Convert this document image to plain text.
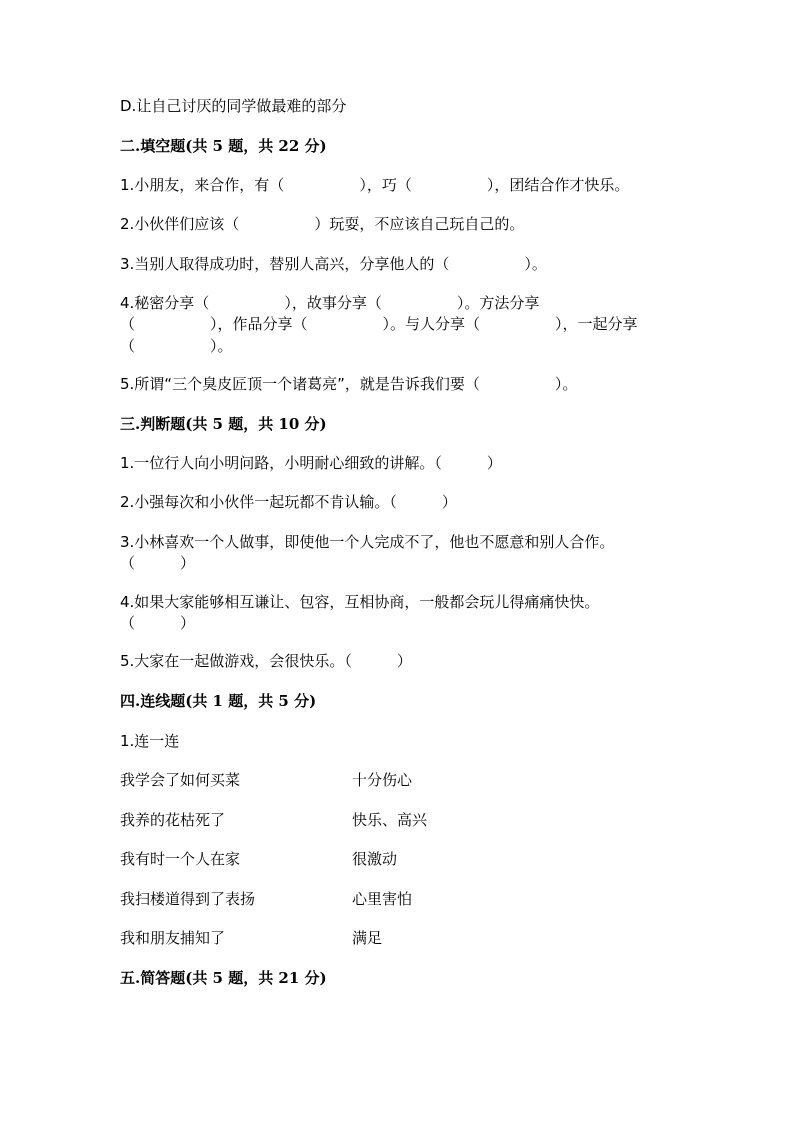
D.让自己讨厌的同学做最难的部分

二.填空题(共 5 题，共 22 分)

1.小朋友，来合作，有（　　　　　），巧（　　　　　），团结合作才快乐。

2.小伙伴们应该（　　　　　）玩耍，不应该自己玩自己的。

3.当别人取得成功时，替别人高兴，分享他人的（　　　　　）。

4.秘密分享（　　　　　），故事分享（　　　　　）。方法分享

（　　　　　），作品分享（　　　　　）。与人分享（　　　　　），一起分享

（　　　　　）。

5.所谓“三个臭皮匠顶一个诸葛亮”，就是告诉我们要（　　　　　）。

三.判断题(共 5 题，共 10 分)

1.一位行人向小明问路，小明耐心细致的讲解。（　　　）

2.小强每次和小伙伴一起玩都不肯认输。（　　　）

3.小林喜欢一个人做事，即使他一个人完成不了，他也不愿意和别人合作。

（　　　）

4.如果大家能够相互谦让、包容，互相协商，一般都会玩儿得痛痛快快。

（　　　）

5.大家在一起做游戏，会很快乐。（　　　）

四.连线题(共 1 题，共 5 分)

1.连一连

我学会了如何买菜	十分伤心

我养的花枯死了	快乐、高兴

我有时一个人在家	很激动

我扫楼道得到了表扬	心里害怕

我和朋友捕知了	满足

五.简答题(共 5 题，共 21 分)
